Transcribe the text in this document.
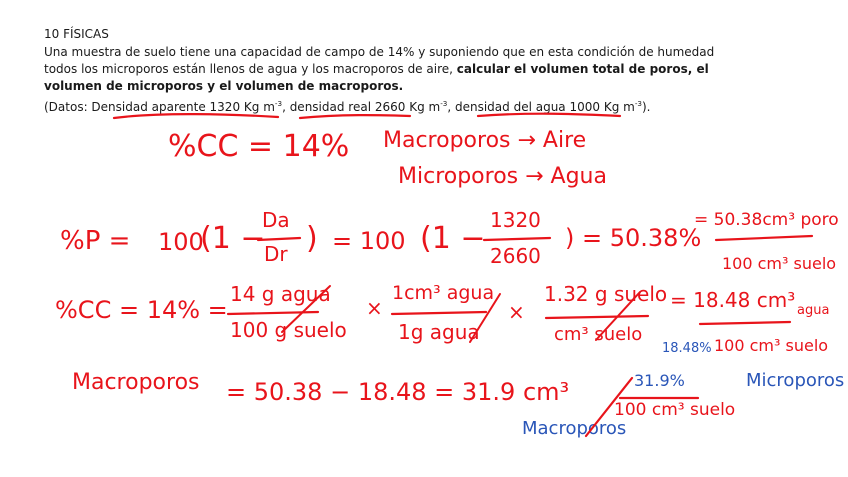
10 FÍSICAS
Una muestra de suelo tiene una capacidad de campo de 14% y suponiendo que en esta condición de humedad
todos los microporos están llenos de agua y los macroporos de aire, calcular el volumen total de poros, el
volumen de microporos y el volumen de macroporos.
(Datos: Densidad aparente 1320 Kg $m^{-3}$, densidad real 2660 Kg $m^{-3}$, densidad del agua 1000 Kg $m^{-3}$).
%CC = 14% Macroporos → Aire
Microporos → Agua
%P = 100
(1 −
Da
Dr ) = 100 (1 −
1320
2660
) = 50.38%
= 50.38cm³ poro
100 cm³ suelo
%CC = 14% =
14 g agua
100 g suelo
×
1cm³ agua
1g agua
×
1.32 g suelo
cm³ suelo
= 18.48 cm³ agua
18.48% 100 cm³ suelo
Microporos
Macroporos = 50.38 − 18.48 = 31.9 cm³	31.9%
100 cm³ suelo
Macroporos
